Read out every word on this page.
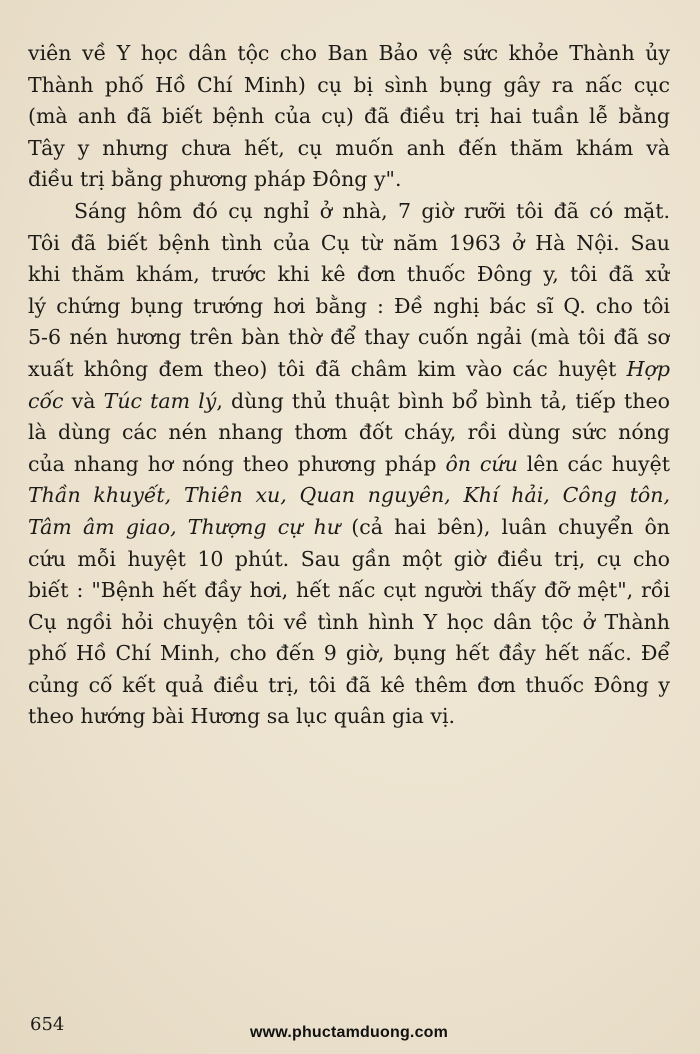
viên về Y học dân tộc cho Ban Bảo vệ sức khỏe Thành ủy
Thành phố Hồ Chí Minh) cụ bị sình bụng gây ra nấc cục
(mà anh đã biết bệnh của cụ) đã điều trị hai tuần lễ bằng
Tây y nhưng chưa hết, cụ muốn anh đến thăm khám và
điều trị bằng phương pháp Đông y".
Sáng hôm đó cụ nghỉ ở nhà, 7 giờ rưỡi tôi đã có mặt.
Tôi đã biết bệnh tình của Cụ từ năm 1963 ở Hà Nội. Sau
khi thăm khám, trước khi kê đơn thuốc Đông y, tôi đã xử
lý chứng bụng trướng hơi bằng : Đề nghị bác sĩ Q. cho tôi
5-6 nén hương trên bàn thờ để thay cuốn ngải (mà tôi đã sơ
xuất không đem theo) tôi đã châm kim vào các huyệt Hợp
cốc và Túc tam lý, dùng thủ thuật bình bổ bình tả, tiếp theo
là dùng các nén nhang thơm đốt cháy, rồi dùng sức nóng
của nhang hơ nóng theo phương pháp ôn cứu lên các huyệt
Thần khuyết, Thiên xu, Quan nguyên, Khí hải, Công tôn,
Tâm âm giao, Thượng cự hư (cả hai bên), luân chuyển ôn
cứu mỗi huyệt 10 phút. Sau gần một giờ điều trị, cụ cho
biết : "Bệnh hết đầy hơi, hết nấc cụt người thấy đỡ mệt", rồi
Cụ ngồi hỏi chuyện tôi về tình hình Y học dân tộc ở Thành
phố Hồ Chí Minh, cho đến 9 giờ, bụng hết đầy hết nấc. Để
củng cố kết quả điều trị, tôi đã kê thêm đơn thuốc Đông y
theo hướng bài Hương sa lục quân gia vị.
654	www.phuctamduong.com
